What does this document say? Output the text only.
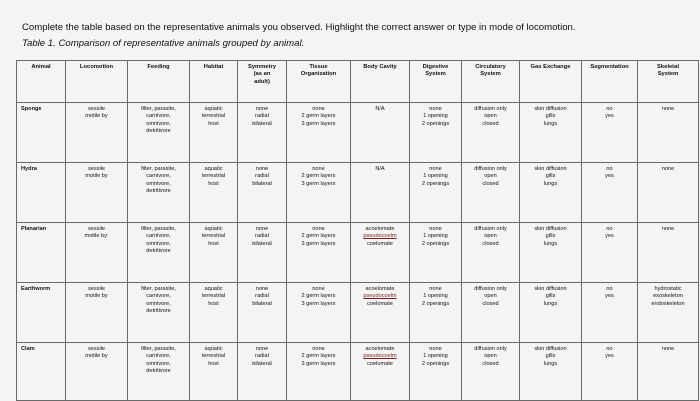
Complete the table based on the representative animals you observed. Highlight the correct answer or type in mode of locomotion.
Table 1. Comparison of representative animals grouped by animal.
Animal	Locomotion	Feeding	Habitat	Symmetry
(as an
adult)	Tissue
Organization	Body Cavity	Digestive
System	Circulatory
System	Gas Exchange	Segmentation	Skeletal
System

Sponge	sessile
motile by	filter, parasite,
carnivore,
omnivore,
detritivore	aquatic
terrestrial
host	none
radial
bilateral	none
2 germ layers
3 germ layers	N/A	none
1 opening
2 openings	diffusion only
open
closed	skin diffusion
gills
lungs	no
yes	none

Hydra	sessile
motile by	filter, parasite,
carnivore,
omnivore,
detritivore	aquatic
terrestrial
host	none
radial
bilateral	none
2 germ layers
3 germ layers	N/A	none
1 opening
2 openings	diffusion only
open
closed	skin diffusion
gills
lungs	no
yes	none

Planarian	sessile
motile by:	filter, parasite,
carnivore,
omnivore,
detritivore	aquatic
terrestrial
host	none
radial
bilateral	none
2 germ layers
3 germ layers	acoelomate
pseudocoelm
coelomate	none
1 opening
2 openings	diffusion only
open
closed	skin diffusion
gills
lungs	no
yes	none

Earthworm	sessile
motile by	filter, parasite,
carnivore,
omnivore,
detritivore	aquatic
terrestrial
host	none
radial
bilateral	none
2 germ layers
3 germ layers	acoelomate
pseudocoelm
coelomate	none
1 opening
2 openings	diffusion only
open
closed	skin diffusion
gills
lungs	no
yes	hydrostatic
exoskeleton
endoskeleton

Clam	sessile
motile by	filter, parasite,
carnivore,
omnivore,
detritivore	aquatic
terrestrial
host	none
radial
bilateral	none
2 germ layers
3 germ layers	acoelomate
pseudocoelm
coelomate	none
1 opening
2 openings	diffusion only
open
closed	skin diffusion
gills
lungs	no
yes	none
